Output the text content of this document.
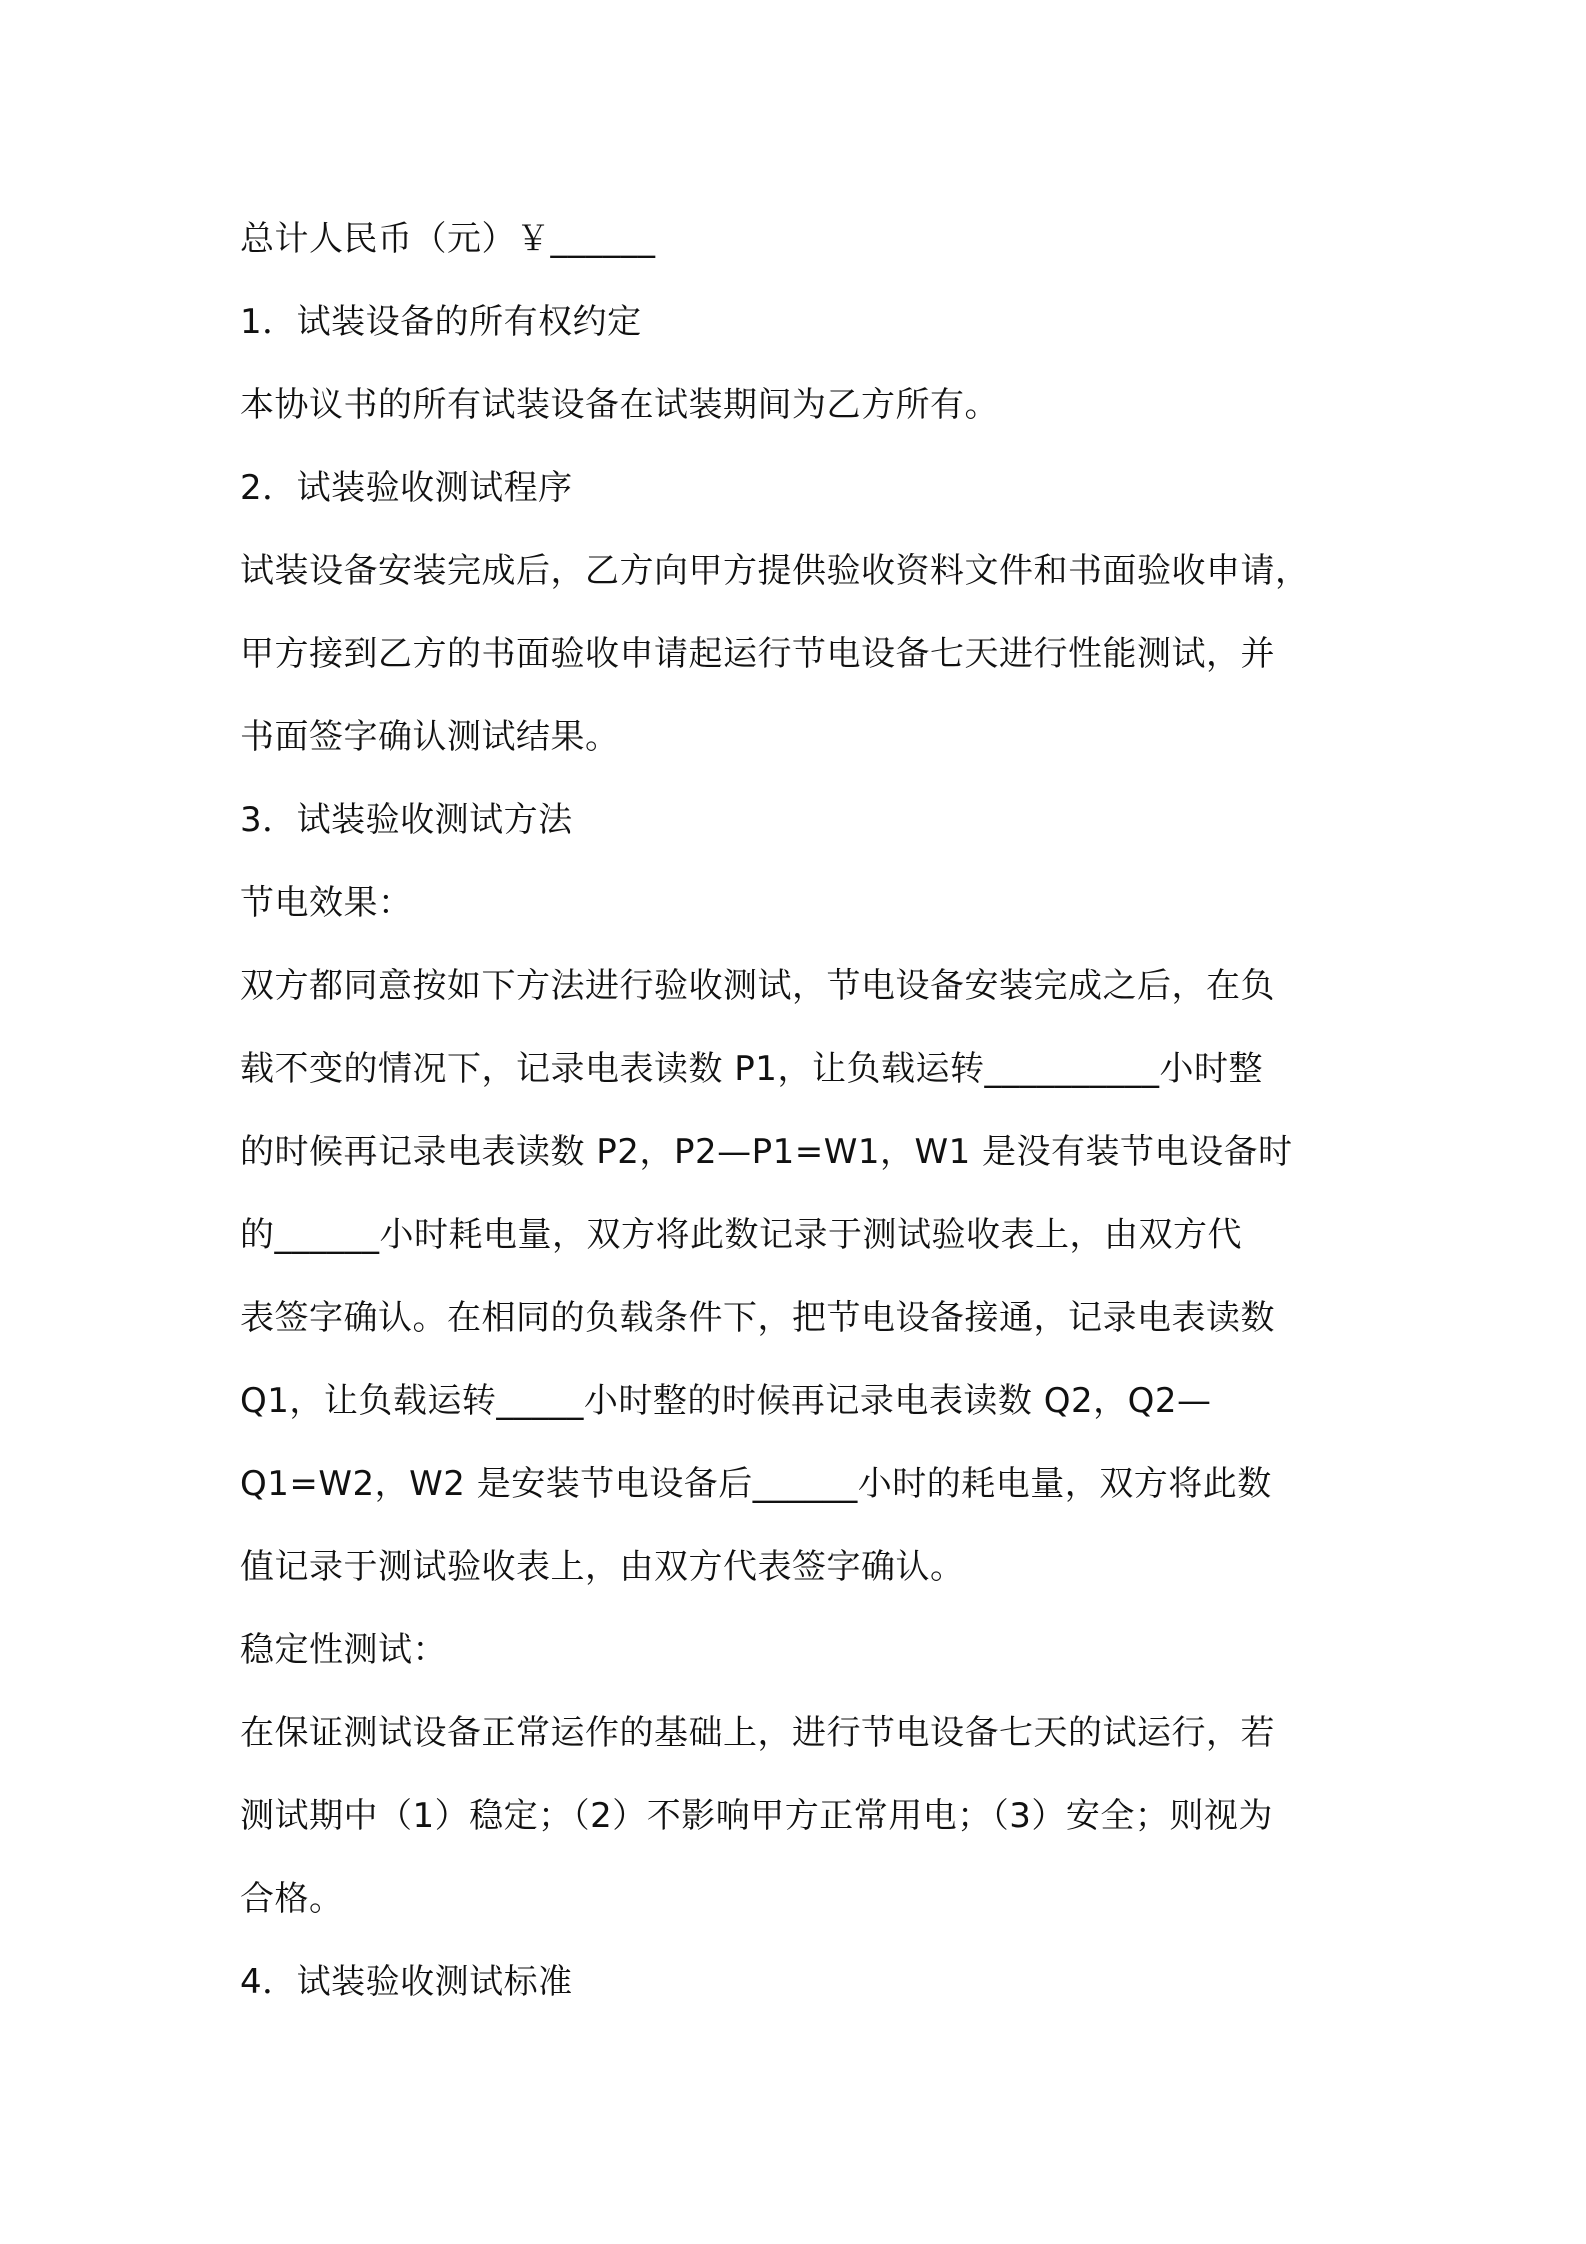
总计人民币（元）￥______

1．试装设备的所有权约定

本协议书的所有试装设备在试装期间为乙方所有。

2．试装验收测试程序

试装设备安装完成后，乙方向甲方提供验收资料文件和书面验收申请，

甲方接到乙方的书面验收申请起运行节电设备七天进行性能测试，并

书面签字确认测试结果。

3．试装验收测试方法

节电效果：

双方都同意按如下方法进行验收测试，节电设备安装完成之后，在负

载不变的情况下，记录电表读数 P1，让负载运转__________小时整

的时候再记录电表读数 P2，P2—P1=W1，W1 是没有装节电设备时

的______小时耗电量，双方将此数记录于测试验收表上，由双方代

表签字确认。在相同的负载条件下，把节电设备接通，记录电表读数

Q1，让负载运转_____小时整的时候再记录电表读数 Q2，Q2—

Q1=W2，W2 是安装节电设备后______小时的耗电量，双方将此数

值记录于测试验收表上，由双方代表签字确认。

稳定性测试：

在保证测试设备正常运作的基础上，进行节电设备七天的试运行，若

测试期中（1）稳定；（2）不影响甲方正常用电；（3）安全；则视为

合格。

4．试装验收测试标准
